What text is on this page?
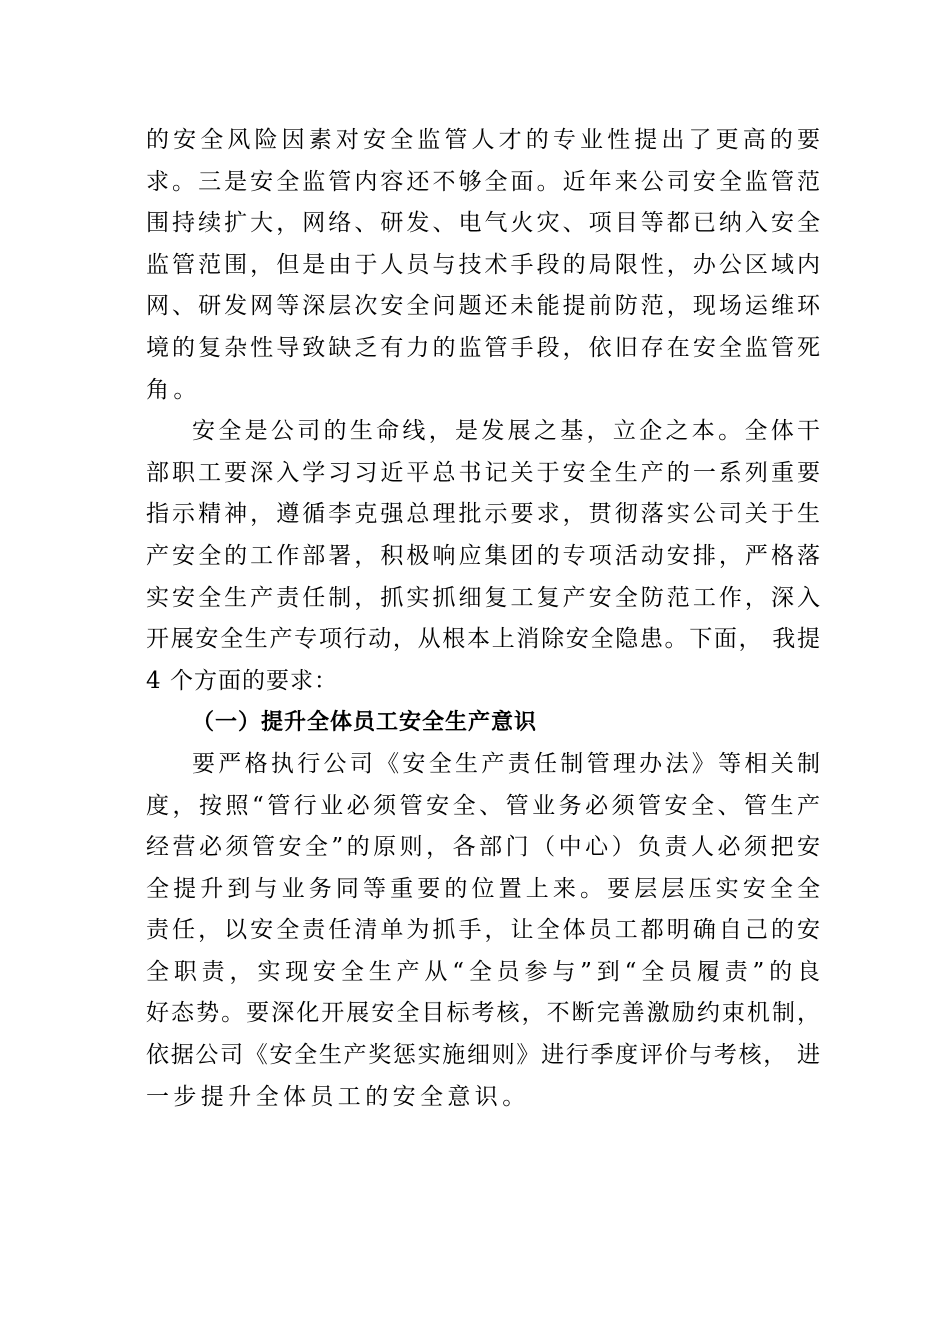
的安全风险因素对安全监管人才的专业性提出了更高的要
求。三是安全监管内容还不够全面。近年来公司安全监管范
围持续扩大，网络、研发、电气火灾、项目等都已纳入安全
监管范围，但是由于人员与技术手段的局限性，办公区域内
网、研发网等深层次安全问题还未能提前防范，现场运维环
境的复杂性导致缺乏有力的监管手段，依旧存在安全监管死
角。
安全是公司的生命线，是发展之基，立企之本。全体干
部职工要深入学习习近平总书记关于安全生产的一系列重要
指示精神，遵循李克强总理批示要求，贯彻落实公司关于生
产安全的工作部署，积极响应集团的专项活动安排，严格落
实安全生产责任制，抓实抓细复工复产安全防范工作，深入
开展安全生产专项行动，从根本上消除安全隐患。下面， 我提
4 个方面的要求：
（一）提升全体员工安全生产意识
要严格执行公司《安全生产责任制管理办法》等相关制
度，按照“管行业必须管安全、管业务必须管安全、管生产
经营必须管安全”的原则，各部门（中心）负责人必须把安
全提升到与业务同等重要的位置上来。要层层压实安全全
责任，以安全责任清单为抓手，让全体员工都明确自己的安
全职责，实现安全生产从“全员参与”到“全员履责”的良
好态势。要深化开展安全目标考核，不断完善激励约束机制，
依据公司《安全生产奖惩实施细则》进行季度评价与考核， 进
一步提升全体员工的安全意识。
